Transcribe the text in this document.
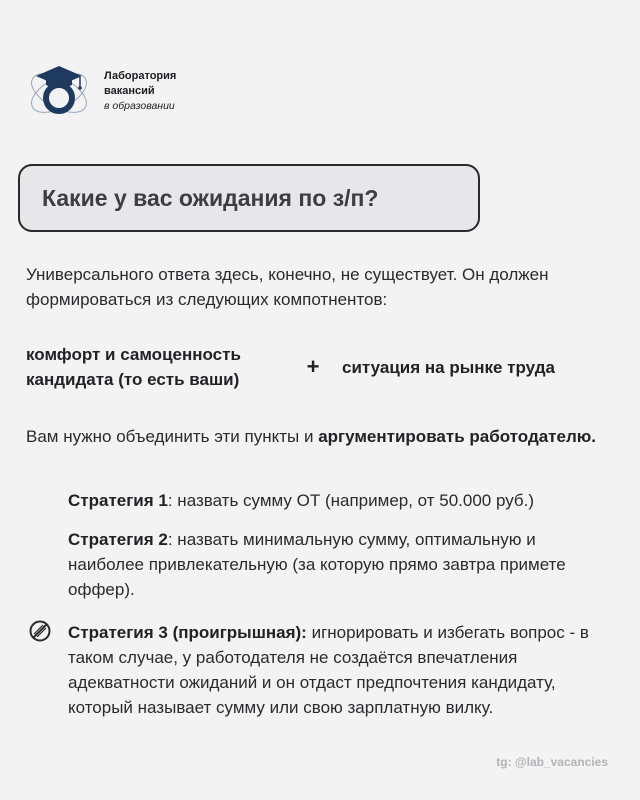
Лаборатория
вакансий
в образовании
Какие у вас ожидания по з/п?
Универсального ответа здесь, конечно, не существует. Он должен формироваться из следующих компотнентов:
комфорт и самоценность кандидата (то есть ваши)
+	ситуация на рынке труда
Вам нужно объединить эти пункты и аргументировать работодателю.
Стратегия 1: назвать сумму ОТ (например, от 50.000 руб.)
Стратегия 2: назвать минимальную сумму, оптимальную и наиболее привлекательную (за которую прямо завтра примете оффер).
Стратегия 3 (проигрышная): игнорировать и избегать вопрос - в таком случае, у работодателя не создаётся впечатления адекватности ожиданий и он отдаст предпочтения кандидату, который называет сумму или свою зарплатную вилку.
tg: @lab_vacancies
